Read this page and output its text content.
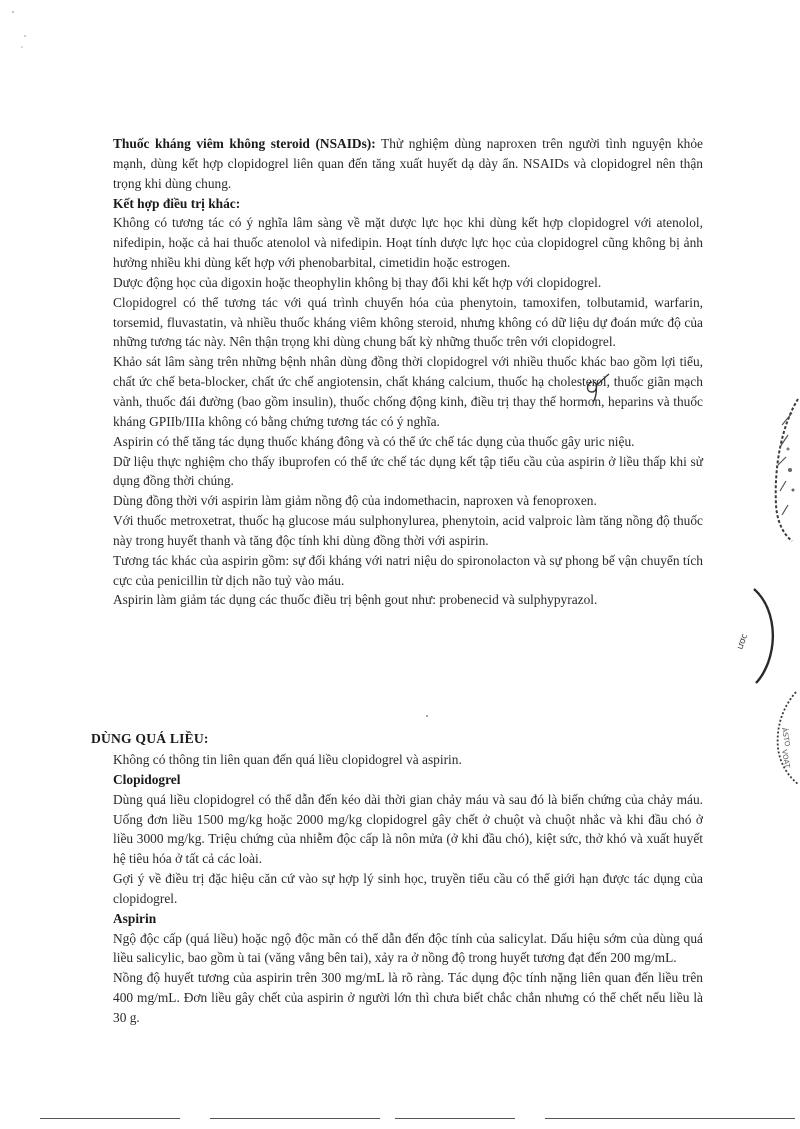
Thuốc kháng viêm không steroid (NSAIDs): Thử nghiệm dùng naproxen trên người tình nguyện khỏe mạnh, dùng kết hợp clopidogrel liên quan đến tăng xuất huyết dạ dày ẩn. NSAIDs và clopidogrel nên thận trọng khi dùng chung.

Kết hợp điều trị khác:

Không có tương tác có ý nghĩa lâm sàng về mặt dược lực học khi dùng kết hợp clopidogrel với atenolol, nifedipin, hoặc cả hai thuốc atenolol và nifedipin. Hoạt tính dược lực học của clopidogrel cũng không bị ảnh hưởng nhiều khi dùng kết hợp với phenobarbital, cimetidin hoặc estrogen.

Dược động học của digoxin hoặc theophylin không bị thay đổi khi kết hợp với clopidogrel.

Clopidogrel có thể tương tác với quá trình chuyển hóa của phenytoin, tamoxifen, tolbutamid, warfarin, torsemid, fluvastatin, và nhiều thuốc kháng viêm không steroid, nhưng không có dữ liệu dự đoán mức độ của những tương tác này. Nên thận trọng khi dùng chung bất kỳ những thuốc trên với clopidogrel.

Khảo sát lâm sàng trên những bệnh nhân dùng đồng thời clopidogrel với nhiều thuốc khác bao gồm lợi tiểu, chất ức chế beta-blocker, chất ức chế angiotensin, chất kháng calcium, thuốc hạ cholesterol, thuốc giãn mạch vành, thuốc đái đường (bao gồm insulin), thuốc chống động kinh, điều trị thay thế hormon, heparins và thuốc kháng GPIIb/IIIa không có bằng chứng tương tác có ý nghĩa.

Aspirin có thể tăng tác dụng thuốc kháng đông và có thể ức chế tác dụng của thuốc gây uric niệu.

Dữ liệu thực nghiệm cho thấy ibuprofen có thể ức chế tác dụng kết tập tiểu cầu của aspirin ở liều thấp khi sử dụng đồng thời chúng.

Dùng đồng thời với aspirin làm giảm nồng độ của indomethacin, naproxen và fenoproxen.

Với thuốc metroxetrat, thuốc hạ glucose máu sulphonylurea, phenytoin, acid valproic làm tăng nồng độ thuốc này trong huyết thanh và tăng độc tính khi dùng đồng thời với aspirin.

Tương tác khác của aspirin gồm: sự đối kháng với natri niệu do spironolacton và sự phong bế vận chuyển tích cực của penicillin từ dịch não tuỷ vào máu.

Aspirin làm giảm tác dụng các thuốc điều trị bệnh gout như: probenecid và sulphypyrazol.

DÙNG QUÁ LIỀU:

Không có thông tin liên quan đến quá liều clopidogrel và aspirin.

Clopidogrel

Dùng quá liều clopidogrel có thể dẫn đến kéo dài thời gian chảy máu và sau đó là biến chứng của chảy máu. Uống đơn liều 1500 mg/kg hoặc 2000 mg/kg clopidogrel gây chết ở chuột và chuột nhắc và khi đầu chó ở liều 3000 mg/kg. Triệu chứng của nhiễm độc cấp là nôn mửa (ở khi đầu chó), kiệt sức, thở khó và xuất huyết hệ tiêu hóa ở tất cả các loài.

Gợi ý về điều trị đặc hiệu căn cứ vào sự hợp lý sinh học, truyền tiểu cầu có thể giới hạn được tác dụng của clopidogrel.

Aspirin

Ngộ độc cấp (quá liều) hoặc ngộ độc mãn có thể dẫn đến độc tính của salicylat. Dấu hiệu sớm của dùng quá liều salicylic, bao gồm ù tai (văng vẳng bên tai), xảy ra ở nồng độ trong huyết tương đạt đến 200 mg/mL.

Nồng độ huyết tương của aspirin trên 300 mg/mL là rõ ràng. Tác dụng độc tính nặng liên quan đến liều trên 400 mg/mL. Đơn liều gây chết của aspirin ở người lớn thì chưa biết chắc chắn nhưng có thể chết nếu liều là 30 g.

ươc
ÁSTO
VOAT
